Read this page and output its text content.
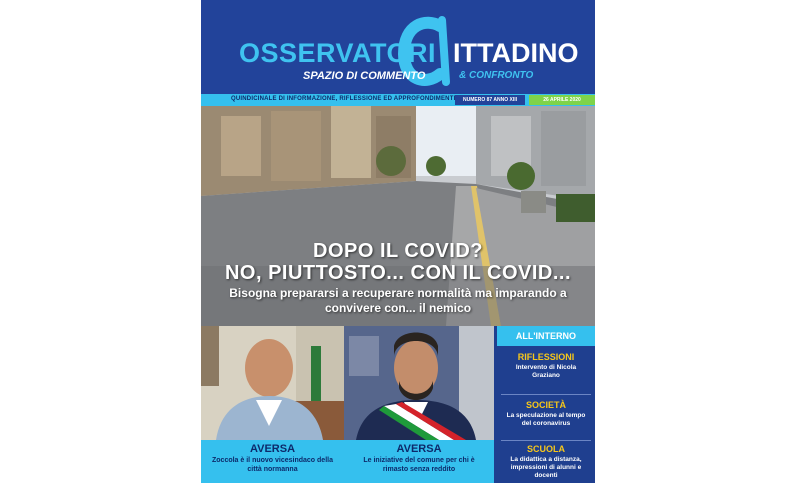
OSSERVATORI ITTADINO
SPAZIO DI COMMENTO	& CONFRONTO
QUINDICINALE DI INFORMAZIONE, RIFLESSIONE ED APPROFONDIMENTI	NUMERO 87 ANNO XIII	26 APRILE 2020
DOPO IL COVID?
NO, PIUTTOSTO... CON IL COVID...
Bisogna prepararsi a recuperare normalità ma imparando a convivere con... il nemico
AVERSA
Zoccola è il nuovo vicesindaco della città normanna
AVERSA
Le iniziative del comune per chi è rimasto senza reddito
ALL'INTERNO
RIFLESSIONI
Intervento di Nicola Graziano
SOCIETÀ
La speculazione al tempo del coronavirus
SCUOLA
La didattica a distanza, impressioni di alunni e docenti
